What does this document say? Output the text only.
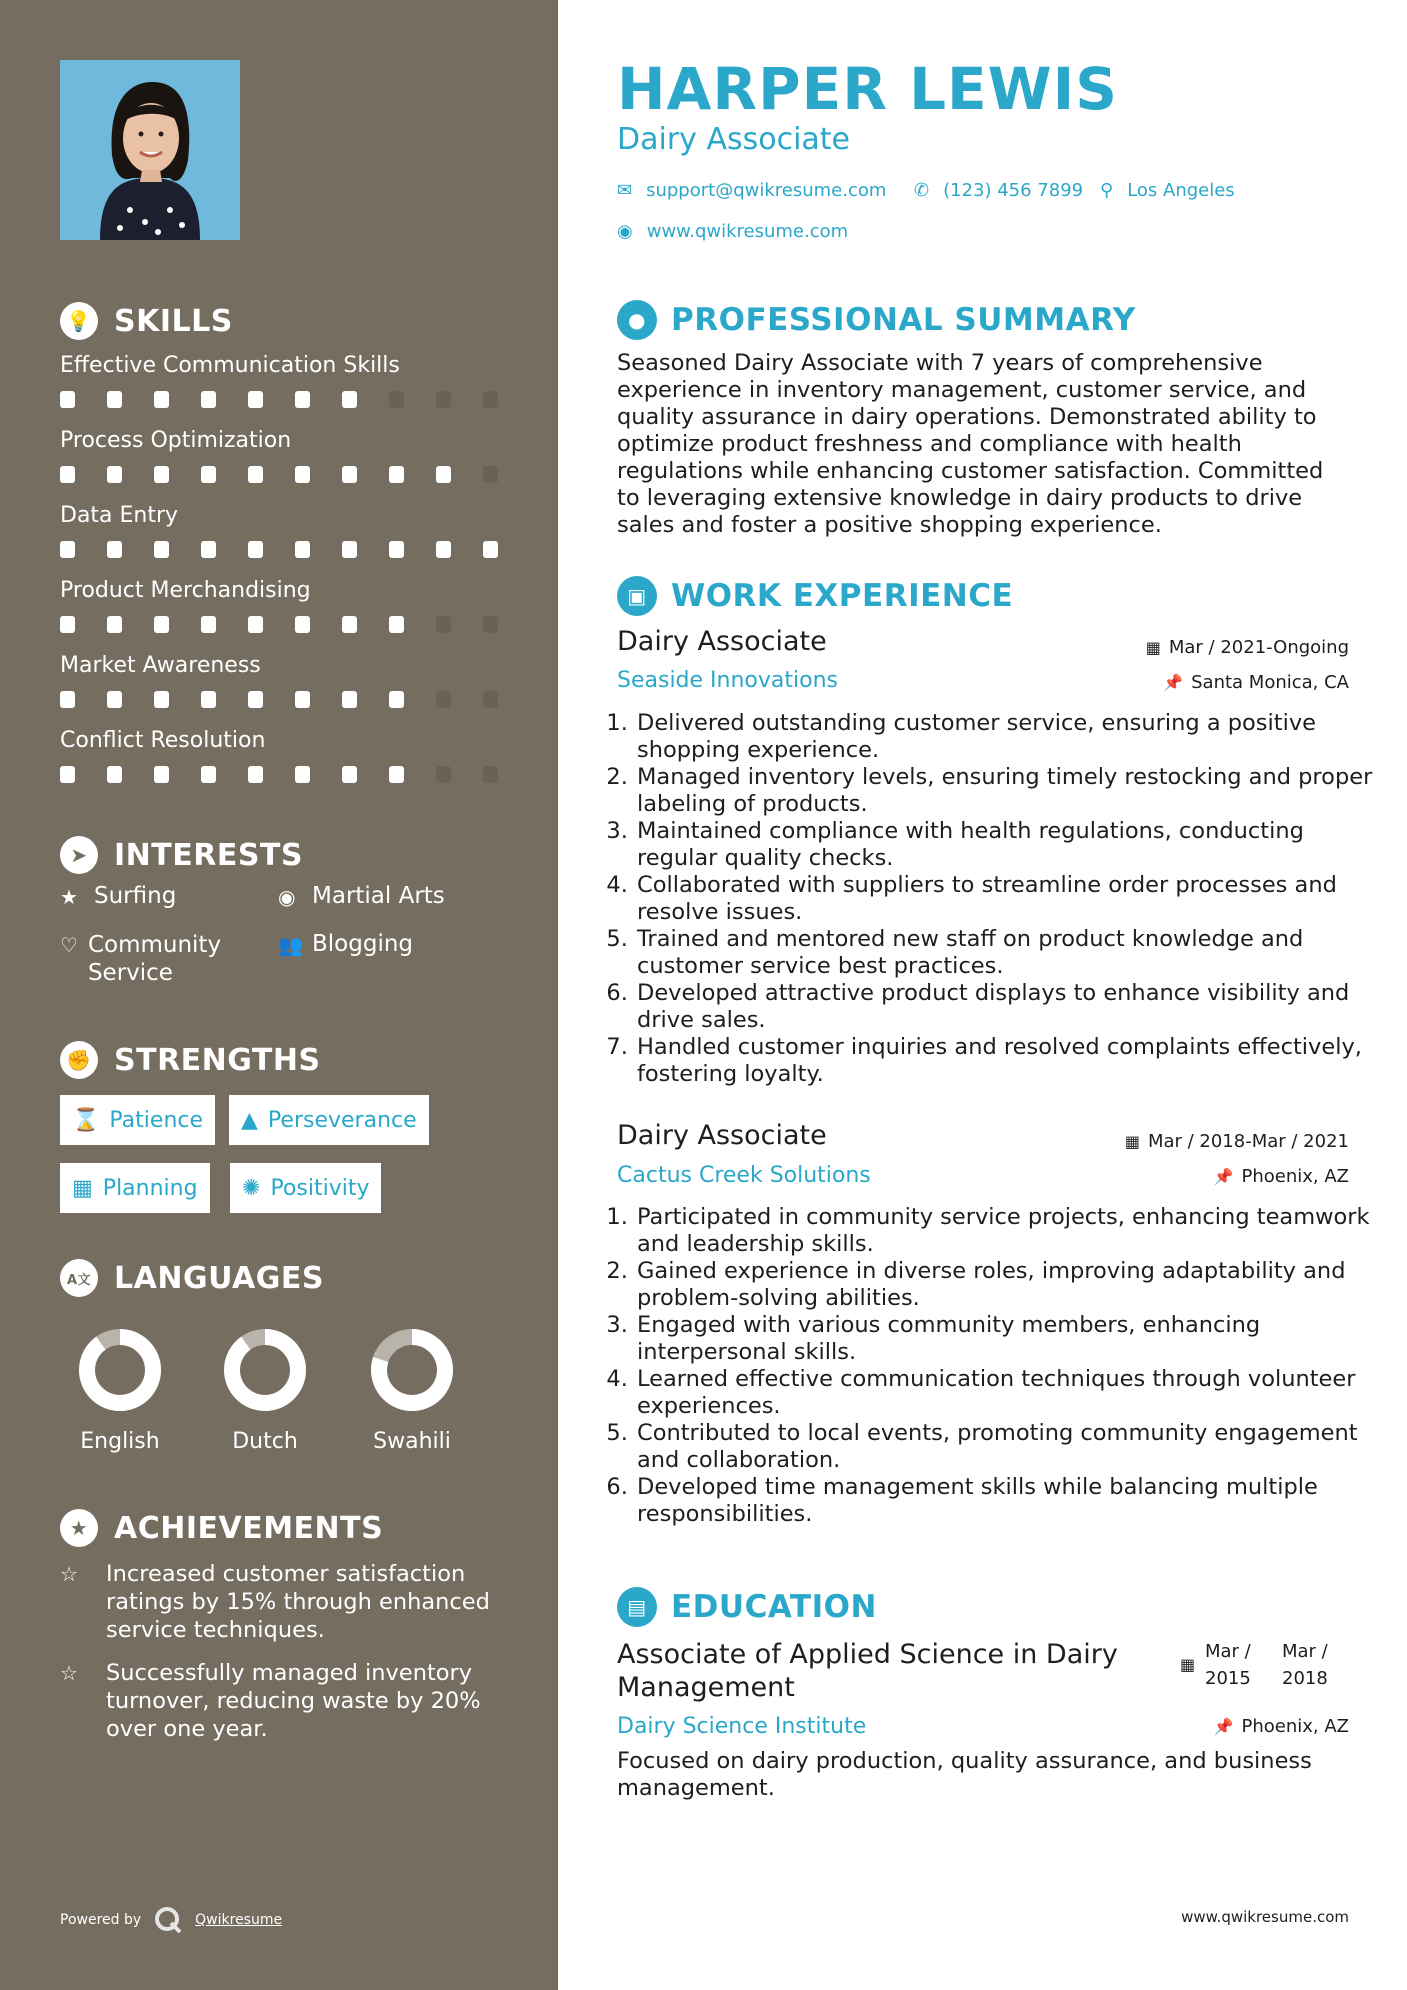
💡 SKILLS
Effective Communication Skills
Process Optimization
Data Entry
Product Merchandising
Market Awareness
Conflict Resolution
➤ INTERESTS
★ Surfing	◉ Martial Arts
♡ Community Service
👥 Blogging
✊ STRENGTHS
⌛ Patience ▲ Perseverance
▦ Planning ✺ Positivity
A文 LANGUAGES
English	Dutch	Swahili
★ ACHIEVEMENTS
☆	Increased customer satisfaction ratings by 15% through enhanced service techniques.
☆	Successfully managed inventory turnover, reducing waste by 20% over one year.
Powered by	Qwikresume
HARPER LEWIS
Dairy Associate
✉ support@qwikresume.com ✆ (123) 456 7899 ⚲ Los Angeles
◉ www.qwikresume.com
● PROFESSIONAL SUMMARY
Seasoned Dairy Associate with 7 years of comprehensive experience in inventory management, customer service, and quality assurance in dairy operations. Demonstrated ability to optimize product freshness and compliance with health regulations while enhancing customer satisfaction. Committed to leveraging extensive knowledge in dairy products to drive sales and foster a positive shopping experience.
▣ WORK EXPERIENCE
Dairy Associate	▦ Mar / 2021-Ongoing
Seaside Innovations	📌 Santa Monica, CA
1. Delivered outstanding customer service, ensuring a positive shopping experience.
2. Managed inventory levels, ensuring timely restocking and proper labeling of products.
3. Maintained compliance with health regulations, conducting regular quality checks.
4. Collaborated with suppliers to streamline order processes and resolve issues.
5. Trained and mentored new staff on product knowledge and customer service best practices.
6. Developed attractive product displays to enhance visibility and drive sales.
7. Handled customer inquiries and resolved complaints effectively, fostering loyalty.
Dairy Associate	▦ Mar / 2018-Mar / 2021
Cactus Creek Solutions	📌 Phoenix, AZ
1. Participated in community service projects, enhancing teamwork and leadership skills.
2. Gained experience in diverse roles, improving adaptability and problem-solving abilities.
3. Engaged with various community members, enhancing interpersonal skills.
4. Learned effective communication techniques through volunteer experiences.
5. Contributed to local events, promoting community engagement and collaboration.
6. Developed time management skills while balancing multiple responsibilities.
▤ EDUCATION
Associate of Applied Science in Dairy Management
▦
Mar / 2015
Mar / 2018
Dairy Science Institute	📌 Phoenix, AZ
Focused on dairy production, quality assurance, and business management.
www.qwikresume.com
